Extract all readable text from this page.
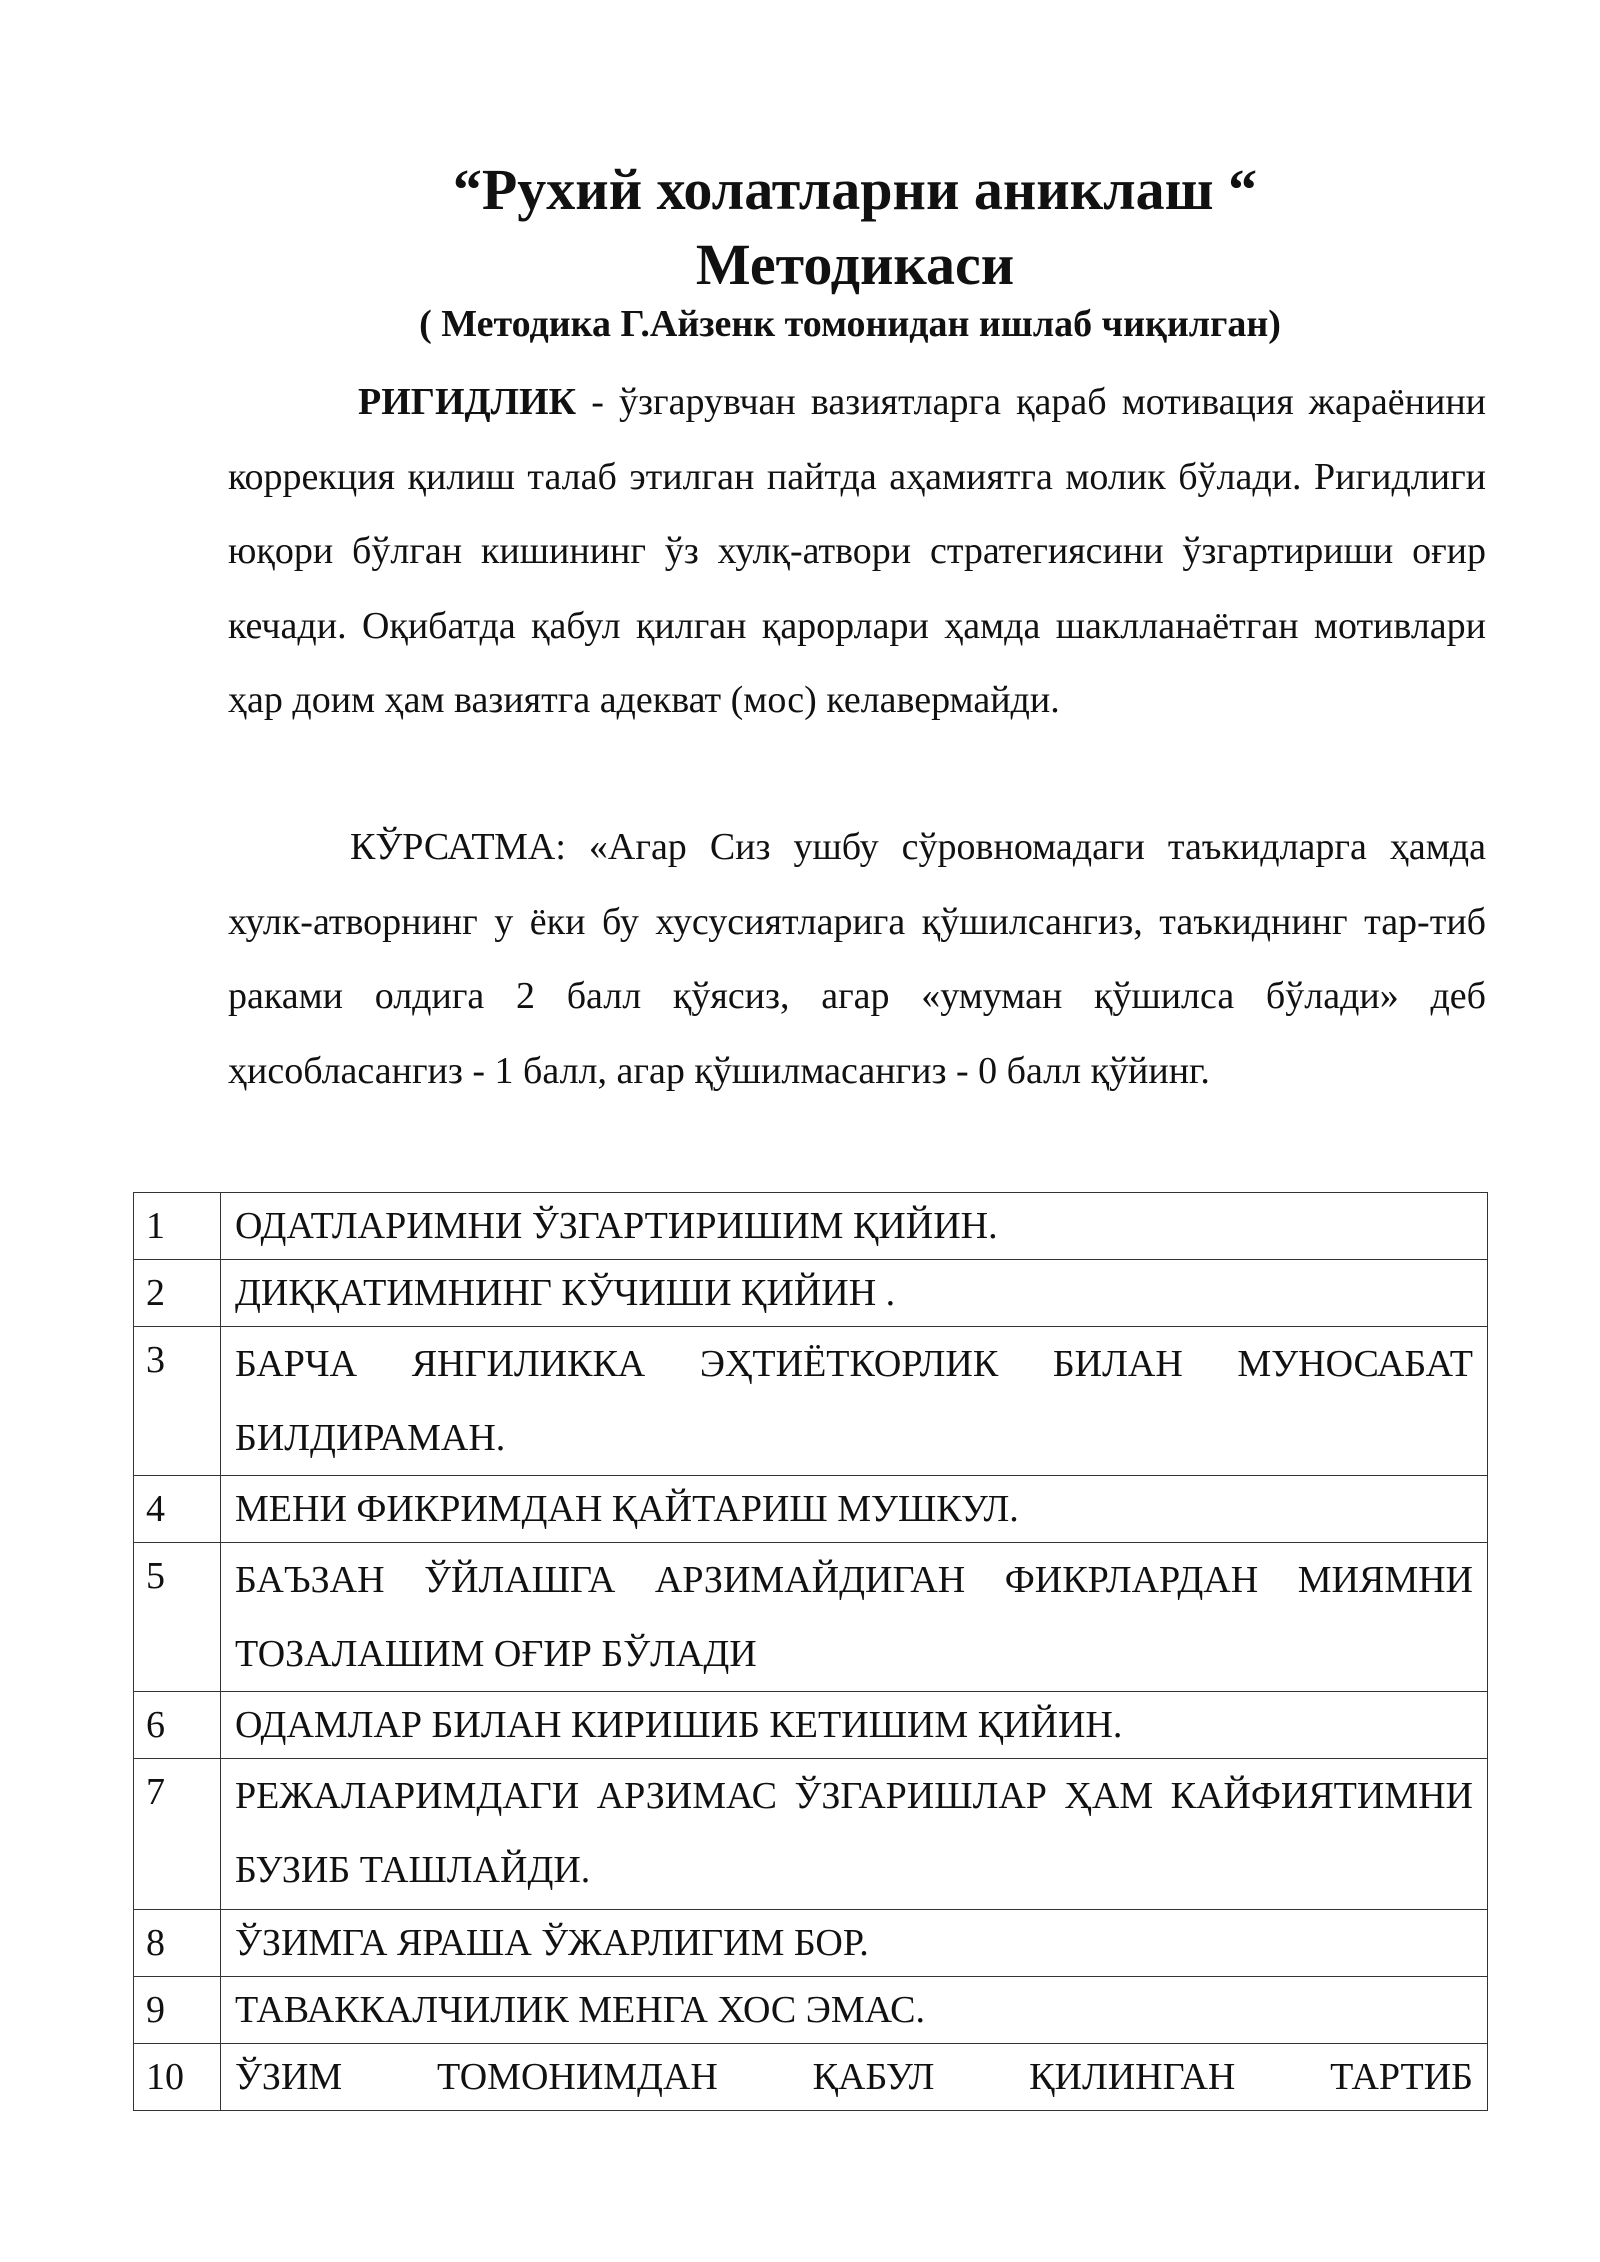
“Рухий холатларни аниклаш “
Методикаси

( Методика Г.Айзенк томонидан ишлаб чиқилган)

РИГИДЛИК - ўзгарувчан вазиятларга қараб мотивация жараёнини коррекция қилиш талаб этилган пайтда аҳамиятга молик бўлади. Ригидлиги юқори бўлган кишининг ўз хулқ-атвори стратегиясини ўзгартириши оғир кечади. Оқибатда қабул қилган қарорлари ҳамда шаклланаётган мотивлари ҳар доим ҳам вазиятга адекват (мос) келавермайди.

КЎРСАТМА: «Агар Сиз ушбу сўровномадаги таъкидларга ҳамда хулк-атворнинг у ёки бу хусусиятларига қўшилсангиз, таъкиднинг тар-тиб раками олдига 2 балл қўясиз, агар «умуман қўшилса бўлади» деб ҳисобласангиз - 1 балл, агар қўшилмасангиз - 0 балл қўйинг.

1	ОДАТЛАРИМНИ ЎЗГАРТИРИШИМ ҚИЙИН.
2	ДИҚҚАТИМНИНГ КЎЧИШИ ҚИЙИН .
3	БАРЧА ЯНГИЛИККА ЭҲТИЁТКОРЛИК БИЛАН МУНОСАБАТ БИЛДИРАМАН.
4	МЕНИ ФИКРИМДАН ҚАЙТАРИШ МУШКУЛ.
5	БАЪЗАН ЎЙЛАШГА АРЗИМАЙДИГАН ФИКРЛАРДАН МИЯМНИ ТОЗАЛАШИМ ОҒИР БЎЛАДИ
6	ОДАМЛАР БИЛАН КИРИШИБ КЕТИШИМ ҚИЙИН.
7	РЕЖАЛАРИМДАГИ АРЗИМАС ЎЗГАРИШЛАР ҲАМ КАЙФИЯТИМНИ БУЗИБ ТАШЛАЙДИ.
8	ЎЗИМГА ЯРАША ЎЖАРЛИГИМ БОР.
9	ТАВАККАЛЧИЛИК МЕНГА ХОС ЭМАС.
10	ЎЗИМ ТОМОНИМДАН ҚАБУЛ ҚИЛИНГАН ТАРТИБ
